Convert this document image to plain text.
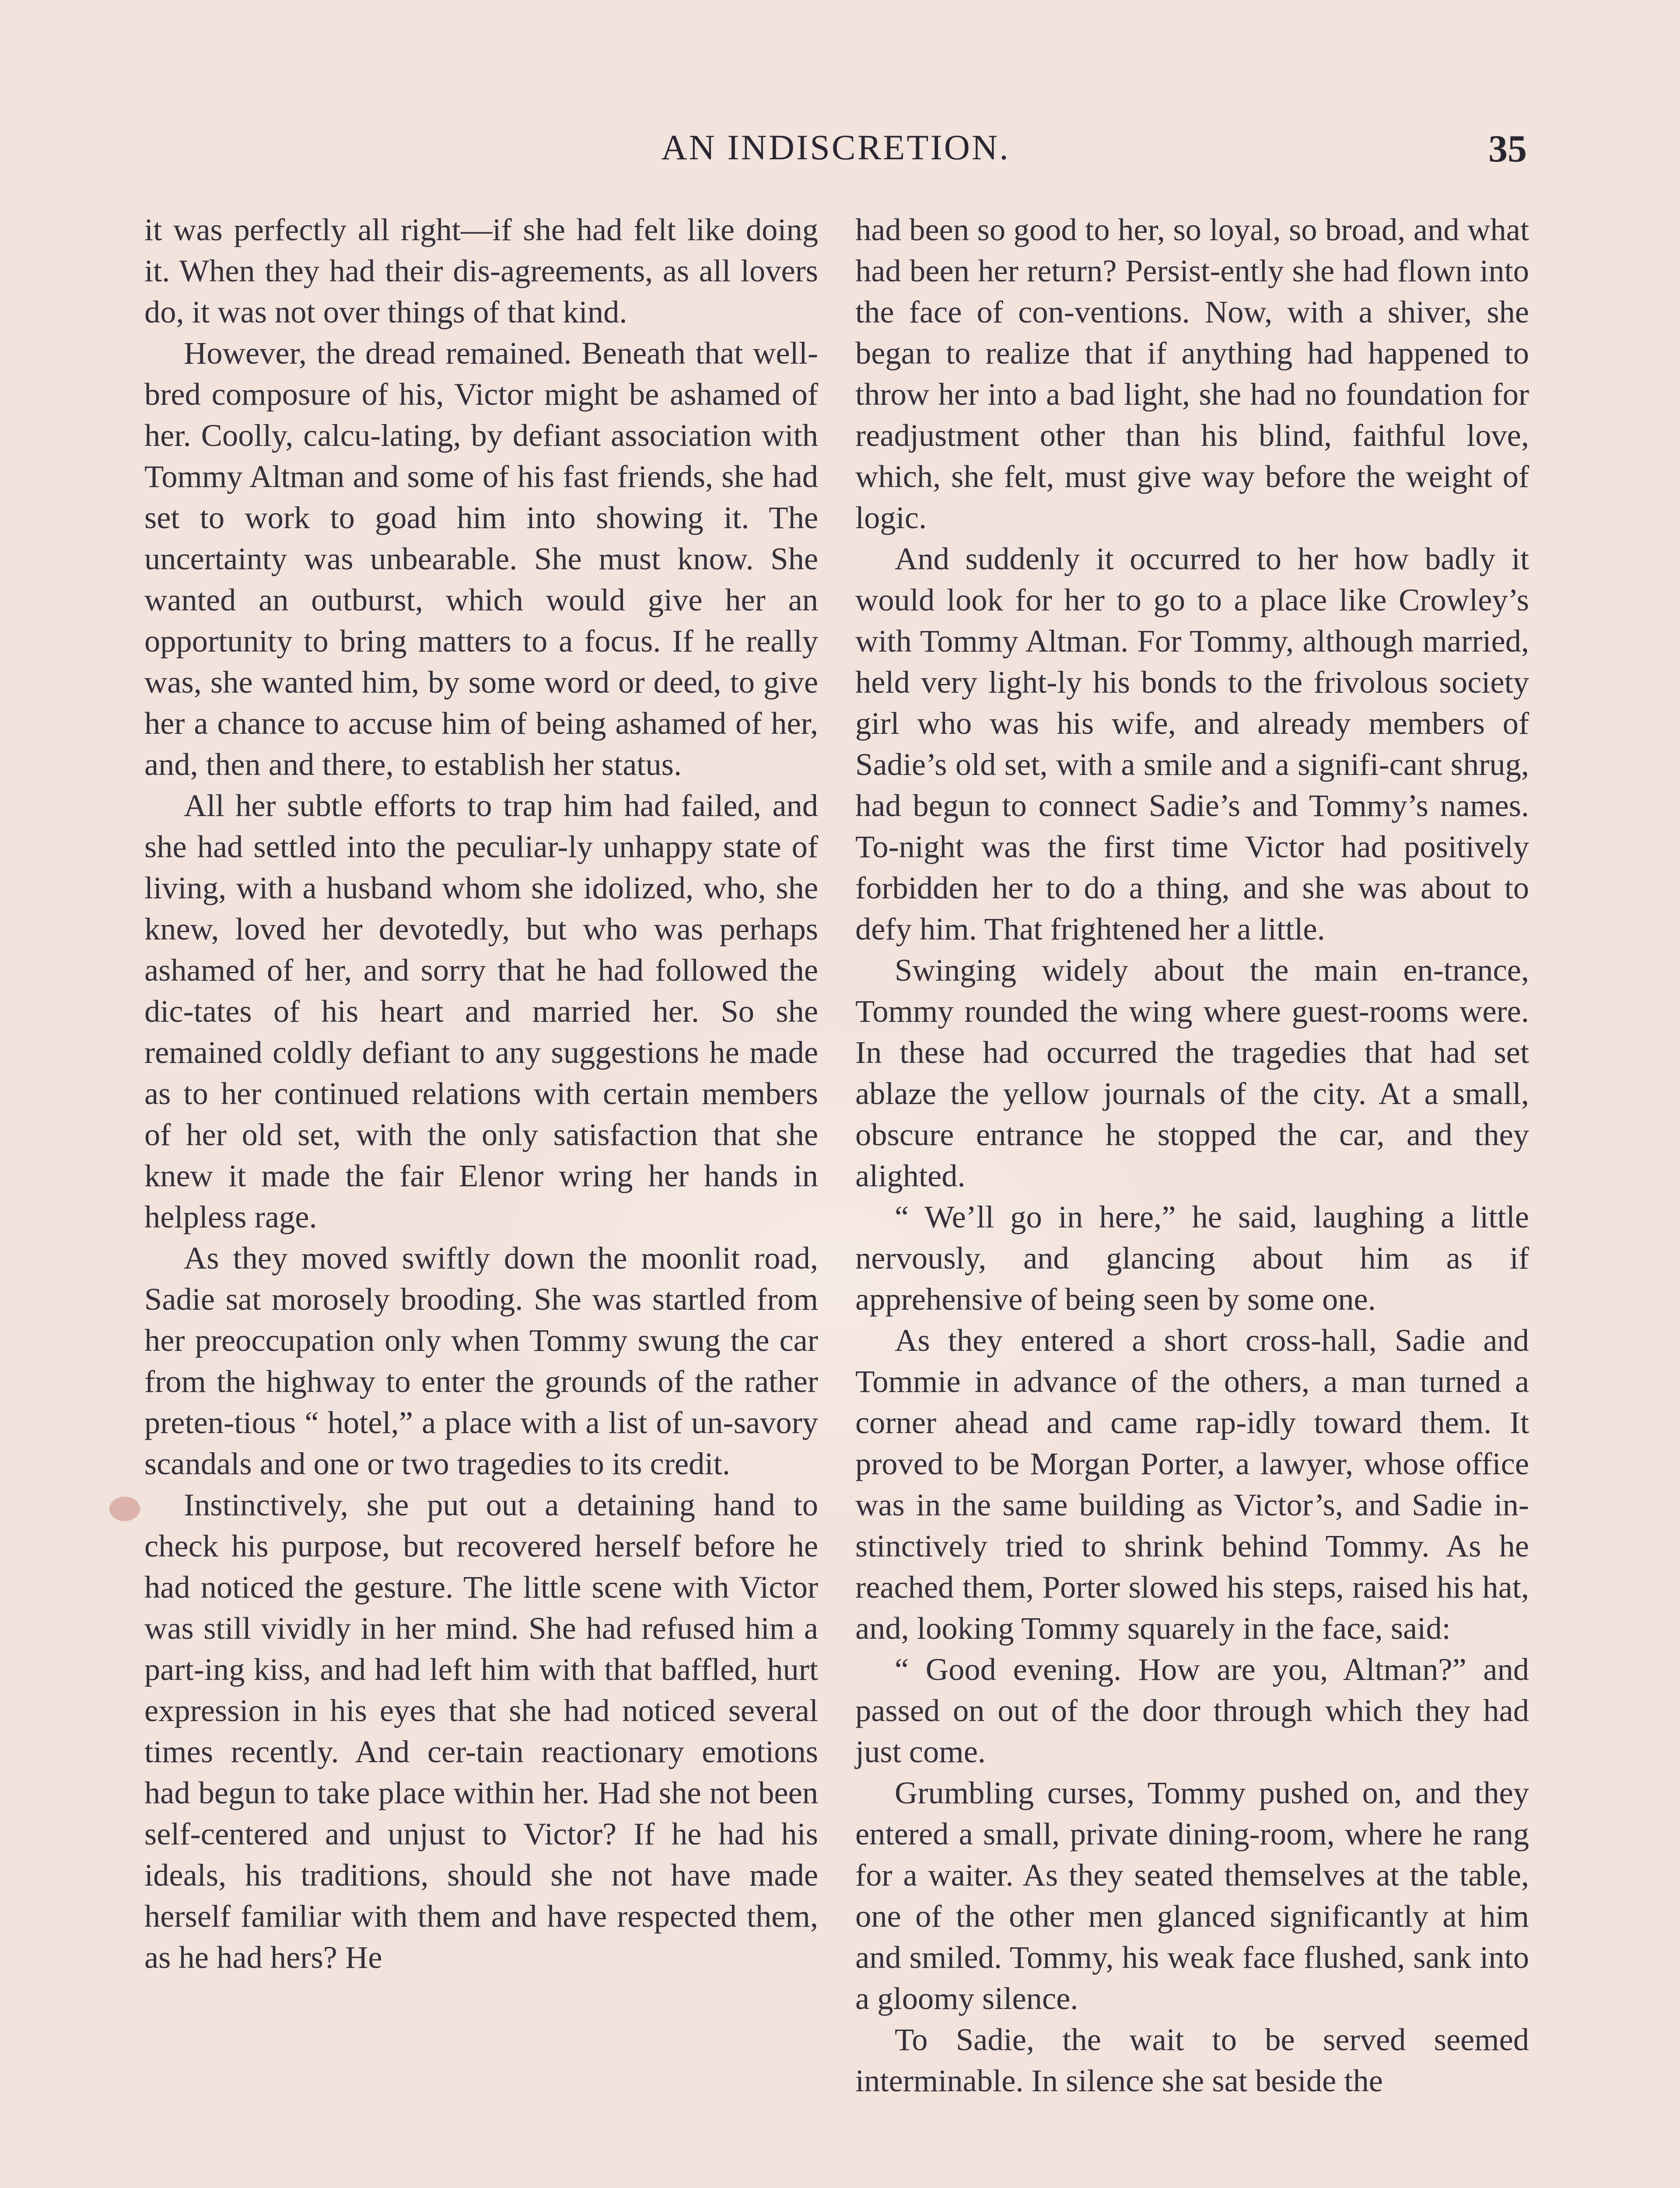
AN INDISCRETION.	35

it was perfectly all right—if she had felt like doing it. When they had their dis-agreements, as all lovers do, it was not over things of that kind.

However, the dread remained. Beneath that well-bred composure of his, Victor might be ashamed of her. Coolly, calcu-lating, by defiant association with Tommy Altman and some of his fast friends, she had set to work to goad him into showing it. The uncertainty was unbearable. She must know. She wanted an outburst, which would give her an opportunity to bring matters to a focus. If he really was, she wanted him, by some word or deed, to give her a chance to accuse him of being ashamed of her, and, then and there, to establish her status.

All her subtle efforts to trap him had failed, and she had settled into the peculiar-ly unhappy state of living, with a husband whom she idolized, who, she knew, loved her devotedly, but who was perhaps ashamed of her, and sorry that he had followed the dic-tates of his heart and married her. So she remained coldly defiant to any suggestions he made as to her continued relations with certain members of her old set, with the only satisfaction that she knew it made the fair Elenor wring her hands in helpless rage.

As they moved swiftly down the moonlit road, Sadie sat morosely brooding. She was startled from her preoccupation only when Tommy swung the car from the highway to enter the grounds of the rather preten-tious “ hotel,” a place with a list of un-savory scandals and one or two tragedies to its credit.

Instinctively, she put out a detaining hand to check his purpose, but recovered herself before he had noticed the gesture. The little scene with Victor was still vividly in her mind. She had refused him a part-ing kiss, and had left him with that baffled, hurt expression in his eyes that she had noticed several times recently. And cer-tain reactionary emotions had begun to take place within her. Had she not been self-centered and unjust to Victor? If he had his ideals, his traditions, should she not have made herself familiar with them and have respected them, as he had hers? He

had been so good to her, so loyal, so broad, and what had been her return? Persist-ently she had flown into the face of con-ventions. Now, with a shiver, she began to realize that if anything had happened to throw her into a bad light, she had no foundation for readjustment other than his blind, faithful love, which, she felt, must give way before the weight of logic.

And suddenly it occurred to her how badly it would look for her to go to a place like Crowley’s with Tommy Altman. For Tommy, although married, held very light-ly his bonds to the frivolous society girl who was his wife, and already members of Sadie’s old set, with a smile and a signifi-cant shrug, had begun to connect Sadie’s and Tommy’s names. To-night was the first time Victor had positively forbidden her to do a thing, and she was about to defy him. That frightened her a little.

Swinging widely about the main en-trance, Tommy rounded the wing where guest-rooms were. In these had occurred the tragedies that had set ablaze the yellow journals of the city. At a small, obscure entrance he stopped the car, and they alighted.

“ We’ll go in here,” he said, laughing a little nervously, and glancing about him as if apprehensive of being seen by some one.

As they entered a short cross-hall, Sadie and Tommie in advance of the others, a man turned a corner ahead and came rap-idly toward them. It proved to be Morgan Porter, a lawyer, whose office was in the same building as Victor’s, and Sadie in-stinctively tried to shrink behind Tommy. As he reached them, Porter slowed his steps, raised his hat, and, looking Tommy squarely in the face, said:

“ Good evening. How are you, Altman?” and passed on out of the door through which they had just come.

Grumbling curses, Tommy pushed on, and they entered a small, private dining-room, where he rang for a waiter. As they seated themselves at the table, one of the other men glanced significantly at him and smiled. Tommy, his weak face flushed, sank into a gloomy silence.

To Sadie, the wait to be served seemed interminable. In silence she sat beside the
